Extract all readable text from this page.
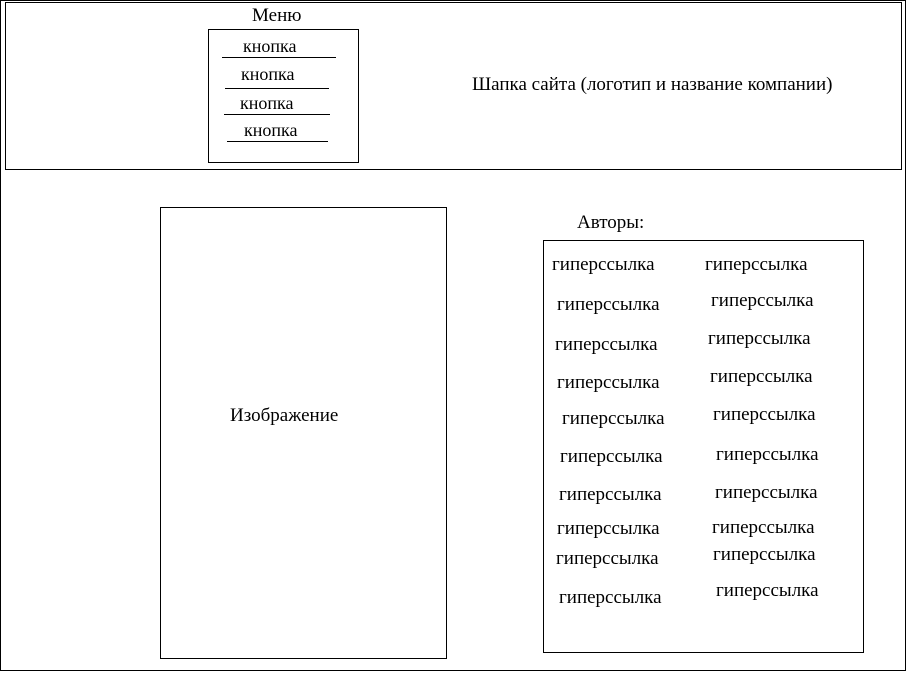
Шапка сайта (логотип и название компании)
Меню
кнопка
кнопка
кнопка
кнопка
Изображение
Авторы:
гиперссылка
гиперссылка
гиперссылка
гиперссылка
гиперссылка
гиперссылка
гиперссылка
гиперссылка
гиперссылка
гиперссылка
гиперссылка
гиперссылка
гиперссылка
гиперссылка
гиперссылка
гиперссылка
гиперссылка
гиперссылка
гиперссылка
гиперссылка
